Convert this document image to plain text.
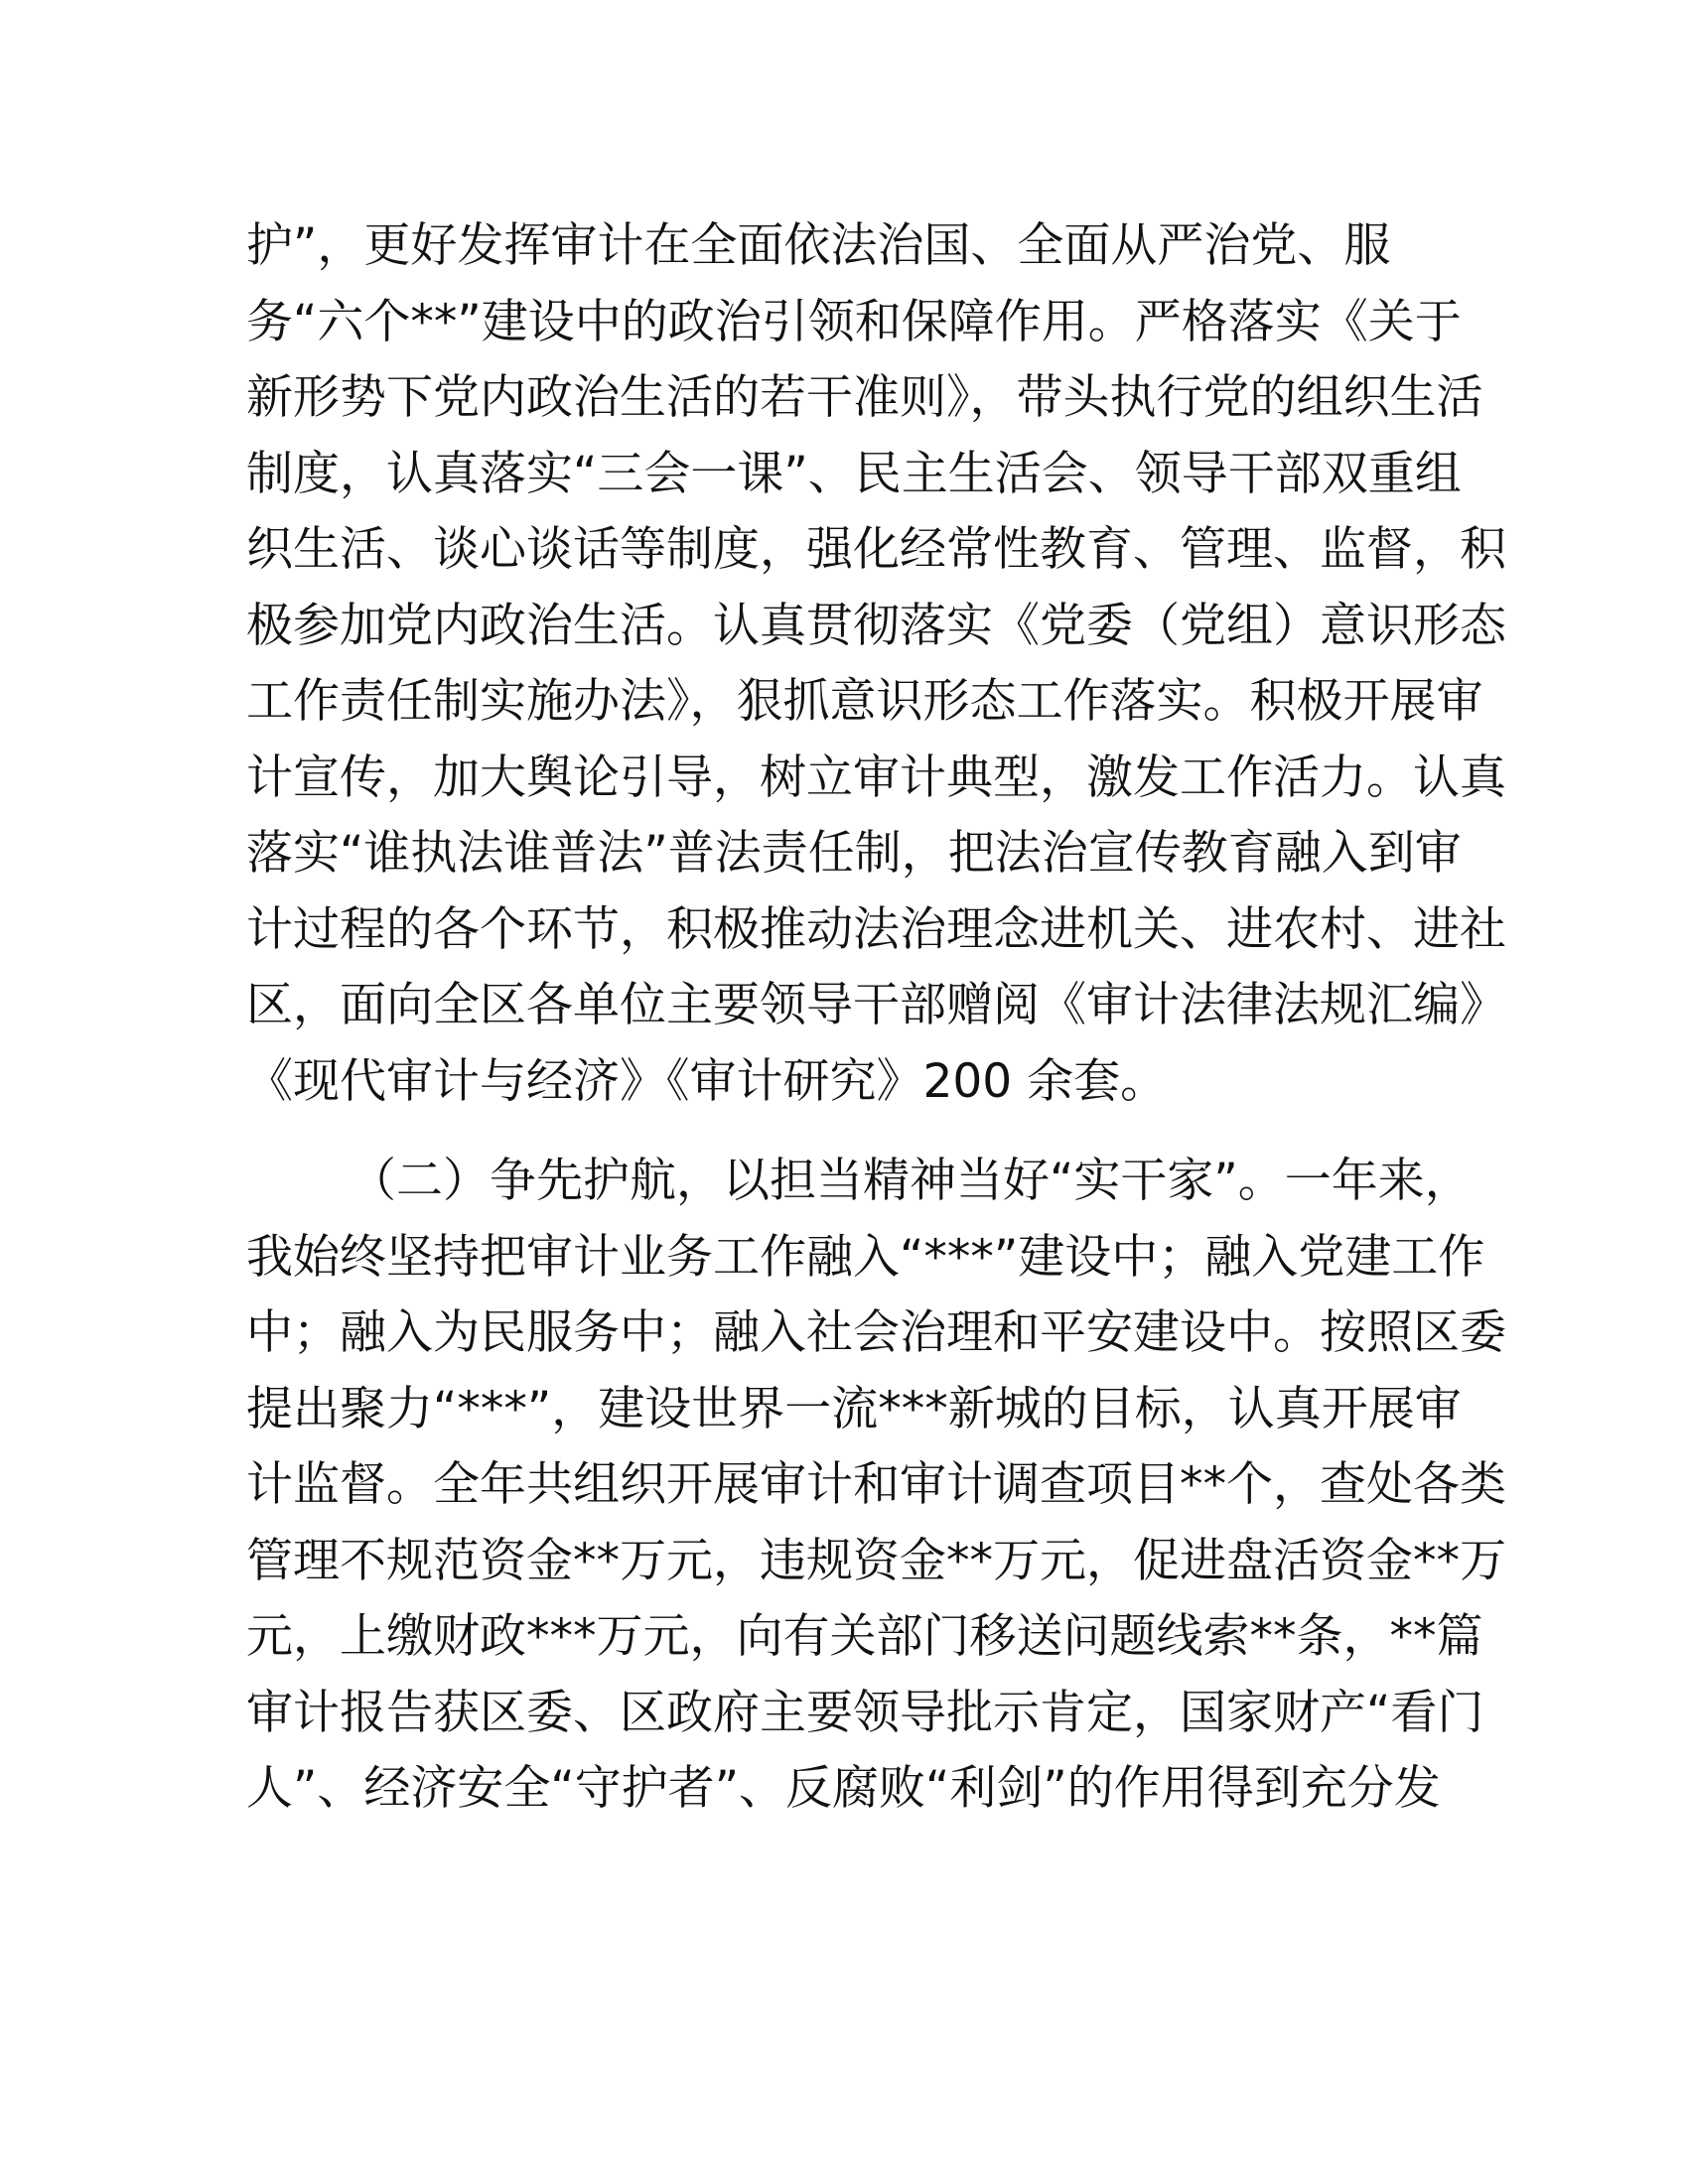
护”，更好发挥审计在全面依法治国、全面从严治党、服
务“六个**”建设中的政治引领和保障作用。严格落实《关于
新形势下党内政治生活的若干准则》，带头执行党的组织生活
制度，认真落实“三会一课”、民主生活会、领导干部双重组
织生活、谈心谈话等制度，强化经常性教育、管理、监督，积
极参加党内政治生活。认真贯彻落实《党委（党组）意识形态
工作责任制实施办法》，狠抓意识形态工作落实。积极开展审
计宣传，加大舆论引导，树立审计典型，激发工作活力。认真
落实“谁执法谁普法”普法责任制，把法治宣传教育融入到审
计过程的各个环节，积极推动法治理念进机关、进农村、进社
区，面向全区各单位主要领导干部赠阅《审计法律法规汇编》
《现代审计与经济》《审计研究》200 余套。
（二）争先护航，以担当精神当好“实干家”。一年来，
我始终坚持把审计业务工作融入“***”建设中；融入党建工作
中；融入为民服务中；融入社会治理和平安建设中。按照区委
提出聚力“***”，建设世界一流***新城的目标，认真开展审
计监督。全年共组织开展审计和审计调查项目**个，查处各类
管理不规范资金**万元，违规资金**万元，促进盘活资金**万
元，上缴财政***万元，向有关部门移送问题线索**条，**篇
审计报告获区委、区政府主要领导批示肯定，国家财产“看门
人”、经济安全“守护者”、反腐败“利剑”的作用得到充分发
